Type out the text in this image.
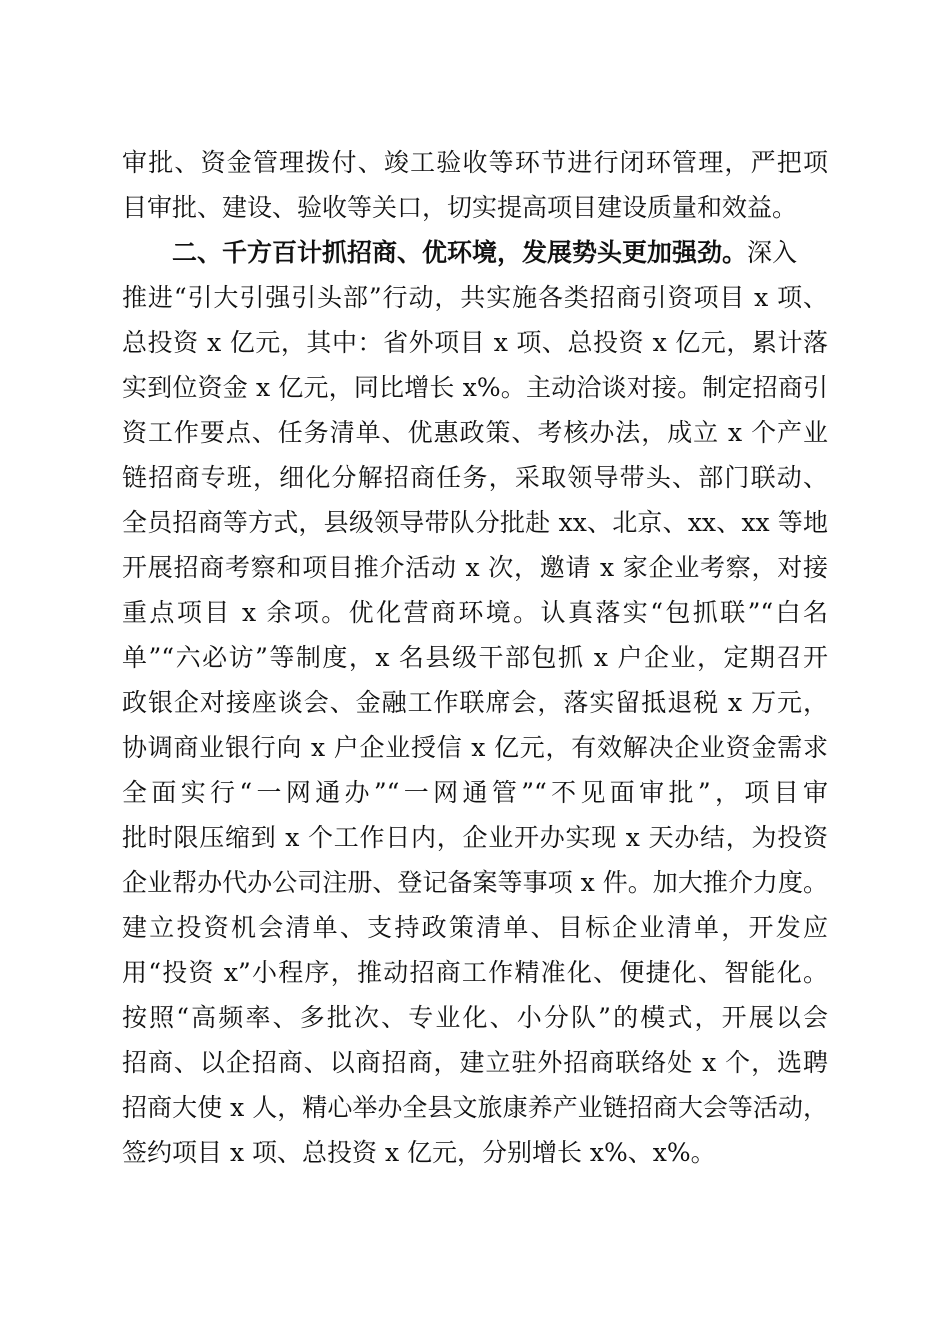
审批、资金管理拨付、竣工验收等环节进行闭环管理，严把项
目审批、建设、验收等关口，切实提高项目建设质量和效益。
二、千方百计抓招商、优环境，发展势头更加强劲。深入
推进“引大引强引头部”行动，共实施各类招商引资项目 x 项、
总投资 x 亿元，其中：省外项目 x 项、总投资 x 亿元，累计落
实到位资金 x 亿元，同比增长 x%。主动洽谈对接。制定招商引
资工作要点、任务清单、优惠政策、考核办法，成立 x 个产业
链招商专班，细化分解招商任务，采取领导带头、部门联动、
全员招商等方式，县级领导带队分批赴 xx、北京、xx、xx 等地
开展招商考察和项目推介活动 x 次，邀请 x 家企业考察，对接
重点项目 x 余项。优化营商环境。认真落实“包抓联”“白名
单”“六必访”等制度，x 名县级干部包抓 x 户企业，定期召开
政银企对接座谈会、金融工作联席会，落实留抵退税 x 万元，
协调商业银行向 x 户企业授信 x 亿元，有效解决企业资金需求
全面实行“一网通办”“一网通管”“不见面审批”，项目审
批时限压缩到 x 个工作日内，企业开办实现 x 天办结，为投资
企业帮办代办公司注册、登记备案等事项 x 件。加大推介力度。
建立投资机会清单、支持政策清单、目标企业清单，开发应
用“投资 x”小程序，推动招商工作精准化、便捷化、智能化。
按照“高频率、多批次、专业化、小分队”的模式，开展以会
招商、以企招商、以商招商，建立驻外招商联络处 x 个，选聘
招商大使 x 人，精心举办全县文旅康养产业链招商大会等活动，
签约项目 x 项、总投资 x 亿元，分别增长 x%、x%。
